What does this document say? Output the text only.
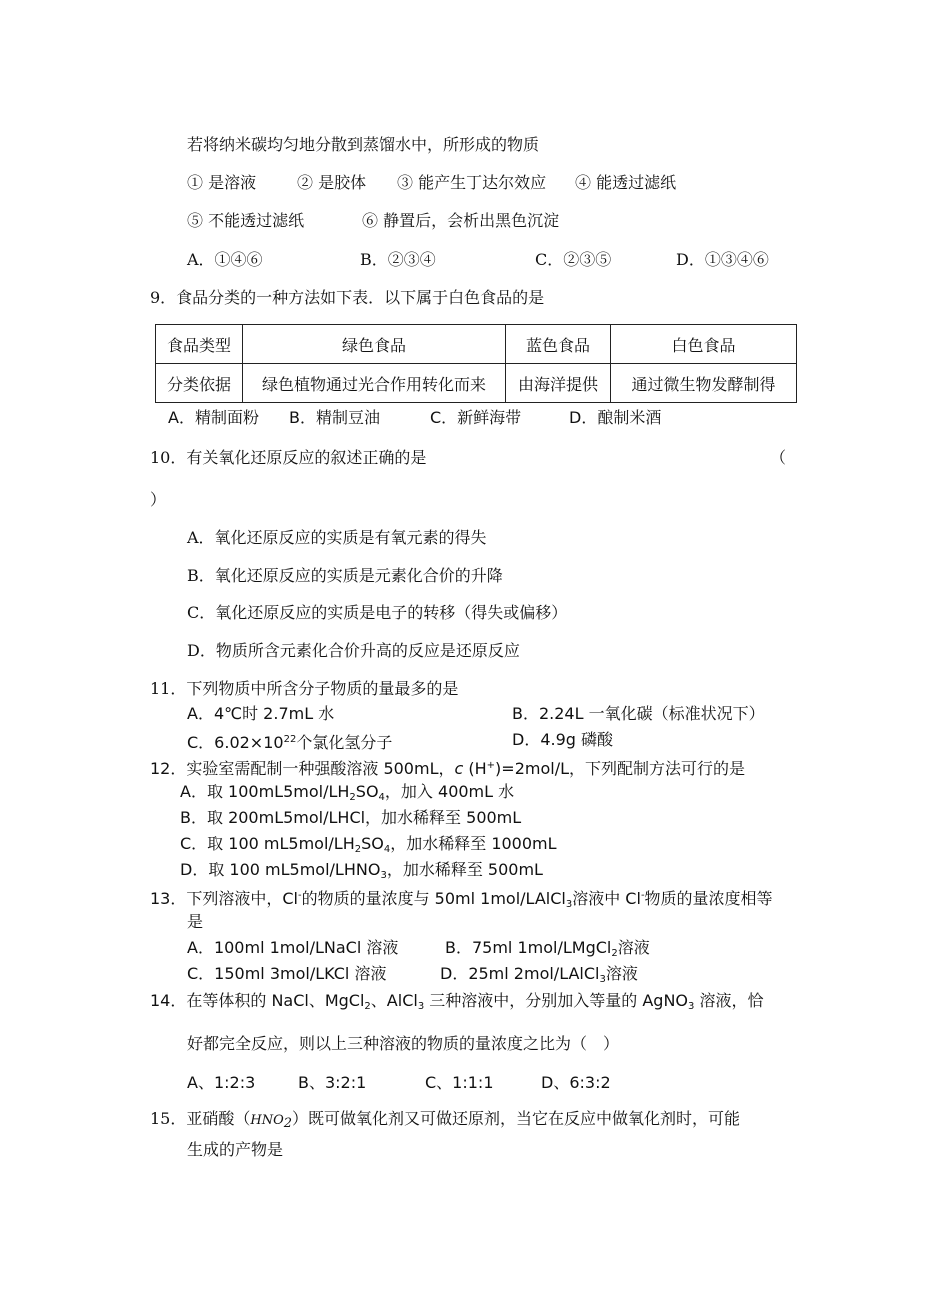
若将纳米碳均匀地分散到蒸馏水中，所形成的物质
① 是溶液	② 是胶体 ③ 能产生丁达尔效应 ④ 能透过滤纸
⑤ 不能透过滤纸	⑥ 静置后，会析出黑色沉淀
A．①④⑥	B．②③④	C．②③⑤	D．①③④⑥
9．食品分类的一种方法如下表．以下属于白色食品的是
食品类型	绿色食品	蓝色食品	白色食品
分类依据	绿色植物通过光合作用转化而来	由海洋提供	通过微生物发酵制得
A．精制面粉 B．精制豆油	C．新鲜海带	D．酿制米酒
10．有关氧化还原反应的叙述正确的是	（
）
A．氧化还原反应的实质是有氧元素的得失
B．氧化还原反应的实质是元素化合价的升降
C．氧化还原反应的实质是电子的转移（得失或偏移）
D．物质所含元素化合价升高的反应是还原反应
11．下列物质中所含分子物质的量最多的是
A．4℃时 2.7mL 水	B．2.24L 一氧化碳（标准状况下）
C．$6.02\times 10^{22}$个氯化氢分子	D．4.9g 磷酸
12．实验室需配制一种强酸溶液 500mL，c (H+)=2mol/L，下列配制方法可行的是
A．取 $100mL5mol/LH_2SO_4$，加入 400mL 水
B．取 200mL5mol/LHCl，加水稀释至 500mL
C．取 100 $mL5mol/LH_2SO_4$，加水稀释至 1000mL
D．取 100 $mL5mol/LHNO_3$，加水稀释至 500mL
13．下列溶液中，Cl-的物质的量浓度与 50ml 1mol/LAlCl$_3$溶液中 Cl-物质的量浓度相等
是
A．100ml 1mol/LNaCl 溶液	B．75ml 1mol/LMgCl$_2$溶液
C．150ml 3mol/LKCl 溶液	D．25ml 2mol/LAlCl$_3$溶液
14．在等体积的 NaCl、MgCl$_2$、AlCl$_3$ 三种溶液中，分别加入等量的 AgNO$_3$ 溶液，恰
好都完全反应，则以上三种溶液的物质的量浓度之比为（　）
A、1:2:3	B、3:2:1	C、1:1:1	D、6:3:2
15．亚硝酸$(HNO_2)$既可做氧化剂又可做还原剂，当它在反应中做氧化剂时，可能
生成的产物是
